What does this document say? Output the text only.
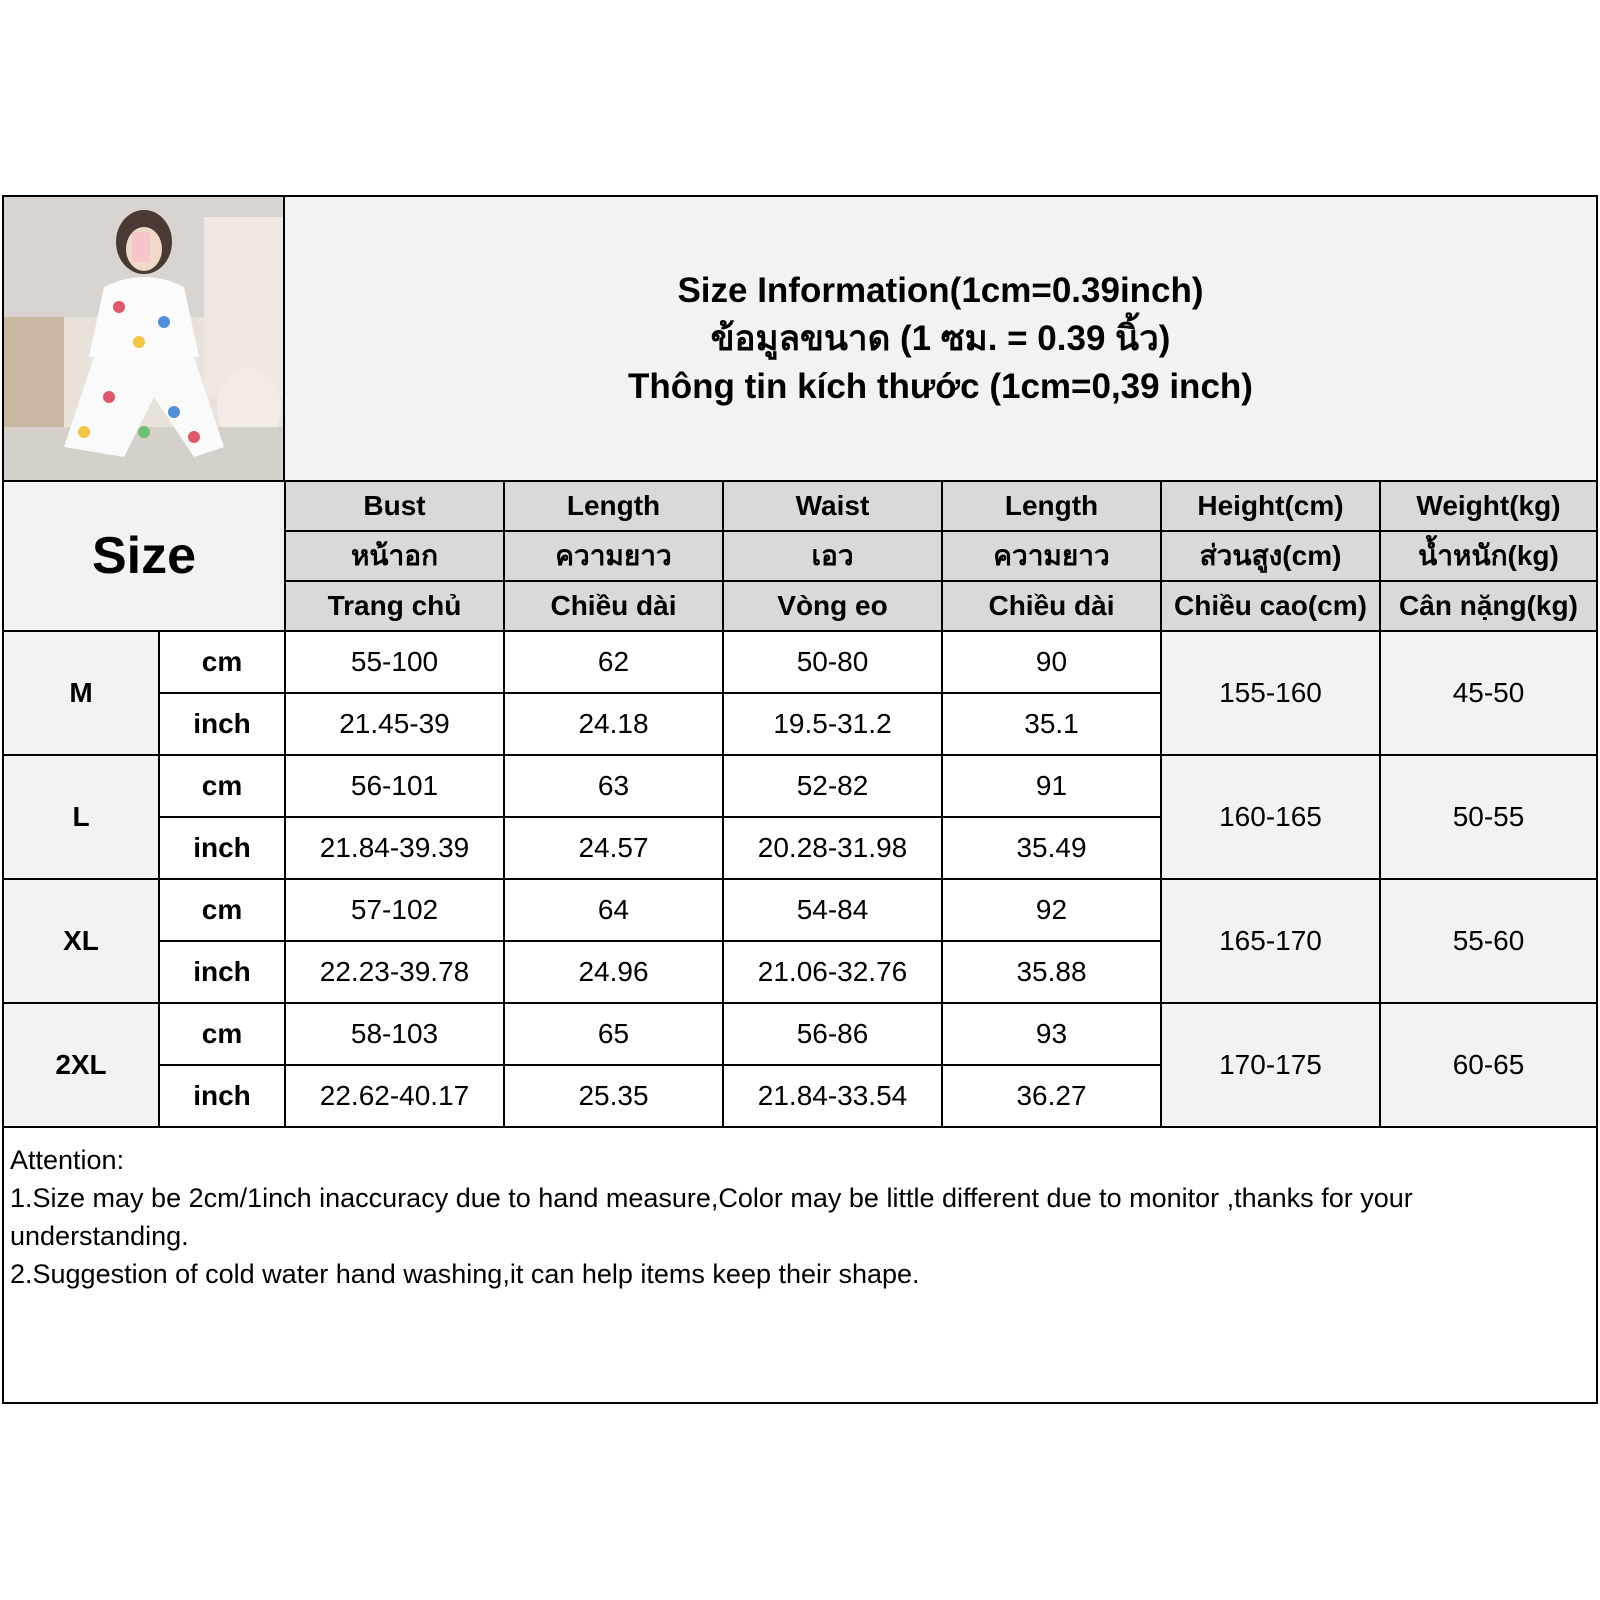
Size Information(1cm=0.39inch)
ข้อมูลขนาด (1 ซม. = 0.39 นิ้ว)
Thông tin kích thước (1cm=0,39 inch)
Size		Bust	Length	Waist	Length	Height(cm)	Weight(kg)
		หน้าอก	ความยาว	เอว	ความยาว	ส่วนสูง(cm)	น้ำหนัก(kg)
		Trang chủ	Chiều dài	Vòng eo	Chiều dài	Chiều cao(cm)	Cân nặng(kg)
M	cm	55-100	62	50-80	90	155-160	45-50
	inch	21.45-39	24.18	19.5-31.2	35.1		
L	cm	56-101	63	52-82	91	160-165	50-55
	inch	21.84-39.39	24.57	20.28-31.98	35.49		
XL	cm	57-102	64	54-84	92	165-170	55-60
	inch	22.23-39.78	24.96	21.06-32.76	35.88		
2XL	cm	58-103	65	56-86	93	170-175	60-65
	inch	22.62-40.17	25.35	21.84-33.54	36.27		
Attention:
1.Size may be 2cm/1inch inaccuracy due to hand measure,Color may be little different due to monitor ,thanks for your understanding.
2.Suggestion of cold water hand washing,it can help items keep their shape.
